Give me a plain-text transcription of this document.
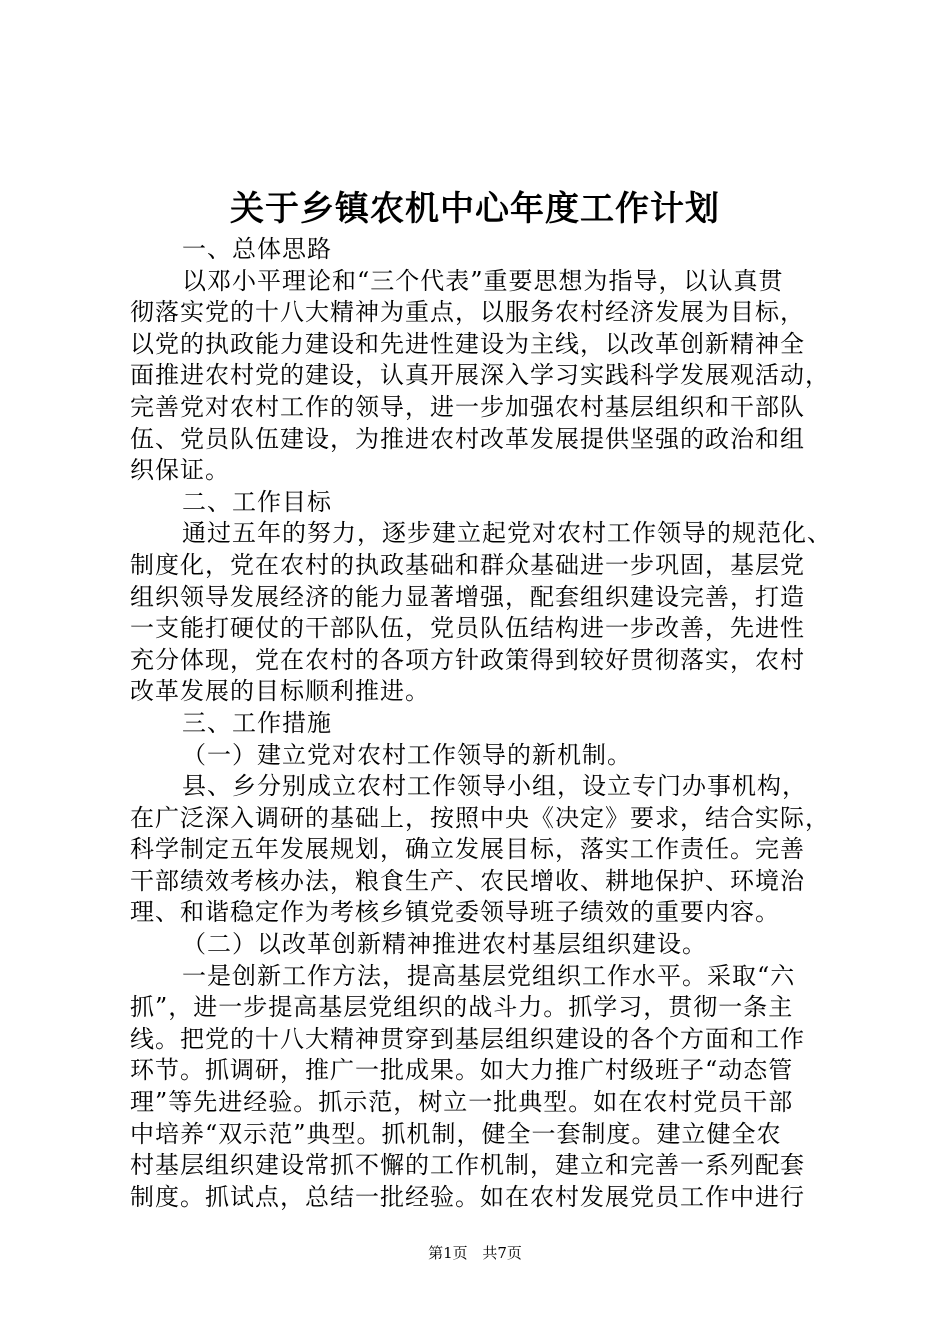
关于乡镇农机中心年度工作计划
一、总体思路
以邓小平理论和“三个代表”重要思想为指导，以认真贯
彻落实党的十八大精神为重点，以服务农村经济发展为目标，
以党的执政能力建设和先进性建设为主线，以改革创新精神全
面推进农村党的建设，认真开展深入学习实践科学发展观活动，
完善党对农村工作的领导，进一步加强农村基层组织和干部队
伍、党员队伍建设，为推进农村改革发展提供坚强的政治和组
织保证。
二、工作目标
通过五年的努力，逐步建立起党对农村工作领导的规范化、
制度化，党在农村的执政基础和群众基础进一步巩固，基层党
组织领导发展经济的能力显著增强，配套组织建设完善，打造
一支能打硬仗的干部队伍，党员队伍结构进一步改善，先进性
充分体现，党在农村的各项方针政策得到较好贯彻落实，农村
改革发展的目标顺利推进。
三、工作措施
（一）建立党对农村工作领导的新机制。
县、乡分别成立农村工作领导小组，设立专门办事机构，
在广泛深入调研的基础上，按照中央《决定》要求，结合实际，
科学制定五年发展规划，确立发展目标，落实工作责任。完善
干部绩效考核办法，粮食生产、农民增收、耕地保护、环境治
理、和谐稳定作为考核乡镇党委领导班子绩效的重要内容。
（二）以改革创新精神推进农村基层组织建设。
一是创新工作方法，提高基层党组织工作水平。采取“六
抓”，进一步提高基层党组织的战斗力。抓学习，贯彻一条主
线。把党的十八大精神贯穿到基层组织建设的各个方面和工作
环节。抓调研，推广一批成果。如大力推广村级班子“动态管
理”等先进经验。抓示范，树立一批典型。如在农村党员干部
中培养“双示范”典型。抓机制，健全一套制度。建立健全农
村基层组织建设常抓不懈的工作机制，建立和完善一系列配套
制度。抓试点，总结一批经验。如在农村发展党员工作中进行
第1页 共7页
